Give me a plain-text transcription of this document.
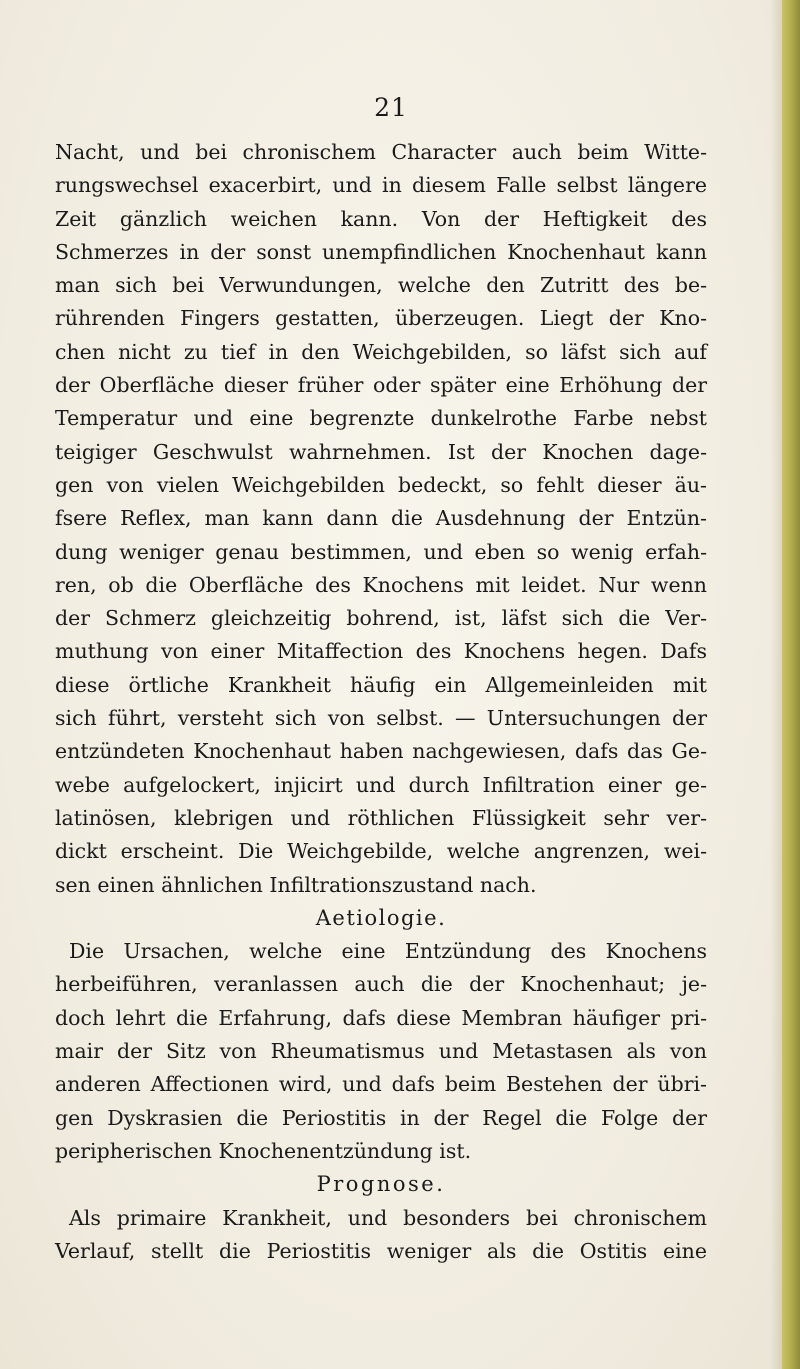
21
Nacht, und bei chronischem Character auch beim Witte-
rungswechsel exacerbirt, und in diesem Falle selbst längere
Zeit gänzlich weichen kann. Von der Heftigkeit des
Schmerzes in der sonst unempfindlichen Knochenhaut kann
man sich bei Verwundungen, welche den Zutritt des be-
rührenden Fingers gestatten, überzeugen. Liegt der Kno-
chen nicht zu tief in den Weichgebilden, so läfst sich auf
der Oberfläche dieser früher oder später eine Erhöhung der
Temperatur und eine begrenzte dunkelrothe Farbe nebst
teigiger Geschwulst wahrnehmen. Ist der Knochen dage-
gen von vielen Weichgebilden bedeckt, so fehlt dieser äu-
fsere Reflex, man kann dann die Ausdehnung der Entzün-
dung weniger genau bestimmen, und eben so wenig erfah-
ren, ob die Oberfläche des Knochens mit leidet. Nur wenn
der Schmerz gleichzeitig bohrend, ist, läfst sich die Ver-
muthung von einer Mitaffection des Knochens hegen. Dafs
diese örtliche Krankheit häufig ein Allgemeinleiden mit
sich führt, versteht sich von selbst. — Untersuchungen der
entzündeten Knochenhaut haben nachgewiesen, dafs das Ge-
webe aufgelockert, injicirt und durch Infiltration einer ge-
latinösen, klebrigen und röthlichen Flüssigkeit sehr ver-
dickt erscheint. Die Weichgebilde, welche angrenzen, wei-
sen einen ähnlichen Infiltrationszustand nach.
Aetiologie.
Die Ursachen, welche eine Entzündung des Knochens
herbeiführen, veranlassen auch die der Knochenhaut; je-
doch lehrt die Erfahrung, dafs diese Membran häufiger pri-
mair der Sitz von Rheumatismus und Metastasen als von
anderen Affectionen wird, und dafs beim Bestehen der übri-
gen Dyskrasien die Periostitis in der Regel die Folge der
peripherischen Knochenentzündung ist.
Prognose.
Als primaire Krankheit, und besonders bei chronischem
Verlauf, stellt die Periostitis weniger als die Ostitis eine
